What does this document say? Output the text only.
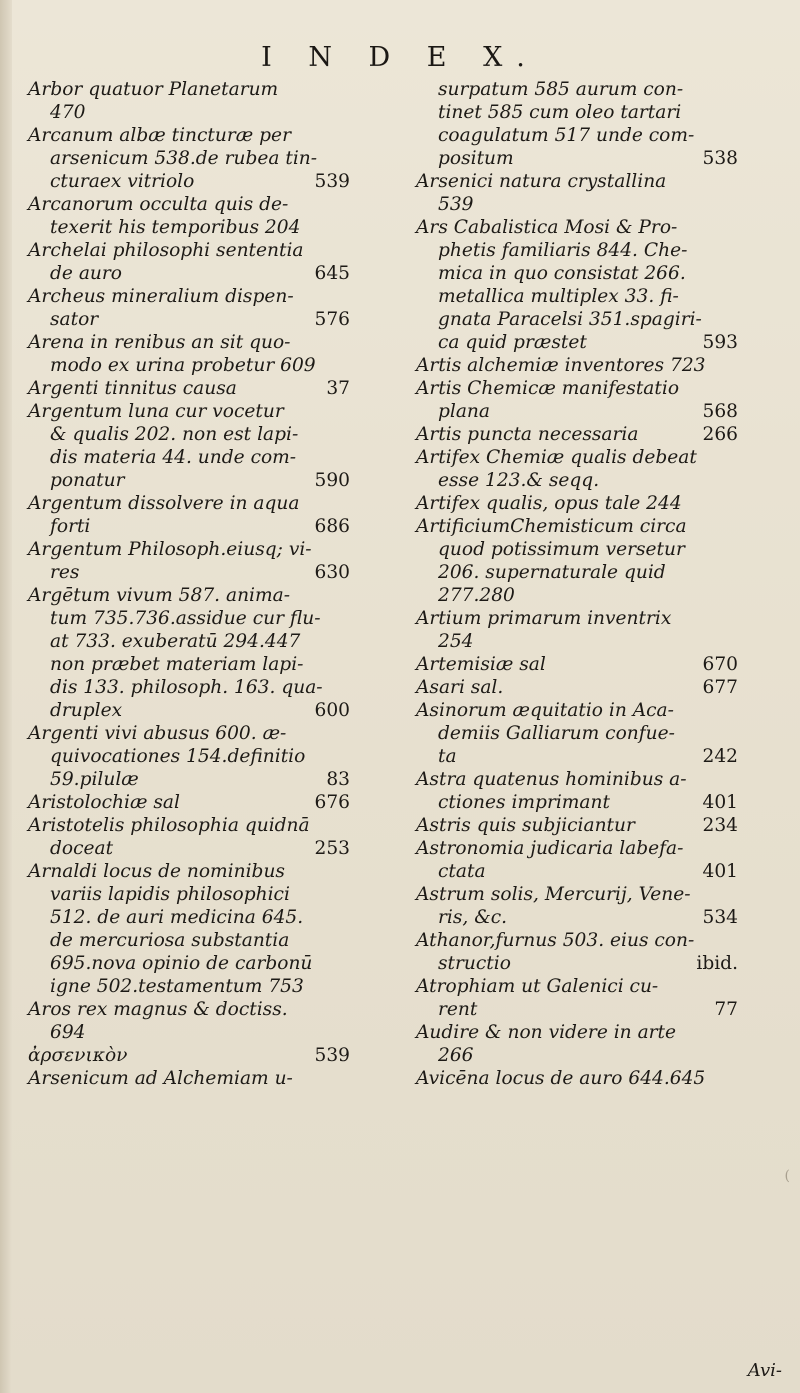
I N D E X.
Arbor quatuor Planetarum
470
Arcanum albæ tincturæ per
arsenicum 538.de rubea tin-
cturaex vitriolo	539
Arcanorum occulta quis de-
texerit his temporibus 204
Archelai philosophi sententia
de auro	645
Archeus mineralium dispen-
sator	576
Arena in renibus an sit quo-
modo ex urina probetur 609
Argenti tinnitus causa	37
Argentum luna cur vocetur
& qualis 202. non est lapi-
dis materia 44. unde com-
ponatur	590
Argentum dissolvere in aqua
forti	686
Argentum Philosoph.eiusq; vi-
res	630
Argētum vivum 587. anima-
tum 735.736.assidue cur flu-
at 733. exuberatū 294.447
non præbet materiam lapi-
dis 133. philosoph. 163. qua-
druplex	600
Argenti vivi abusus 600. æ-
quivocationes 154.definitio
59.pilulæ	83
Aristolochiæ sal	676
Aristotelis philosophia quidnā
doceat	253
Arnaldi locus de nominibus
variis lapidis philosophici
512. de auri medicina 645.
de mercuriosa substantia
695.nova opinio de carbonū
igne 502.testamentum 753
Aros rex magnus & doctiss.
694
ἀρσενικὸν	539
Arsenicum ad Alchemiam u-
surpatum 585 aurum con-
tinet 585 cum oleo tartari
coagulatum 517 unde com-
positum	538
Arsenici natura crystallina
539
Ars Cabalistica Mosi & Pro-
phetis familiaris 844. Che-
mica in quo consistat 266.
metallica multiplex 33. fi-
gnata Paracelsi 351.spagiri-
ca quid præstet	593
Artis alchemiæ inventores 723
Artis Chemicæ manifestatio
plana	568
Artis puncta necessaria	266
Artifex Chemiæ qualis debeat
esse 123.& seqq.
Artifex qualis, opus tale 244
ArtificiumChemisticum circa
quod potissimum versetur
206. supernaturale quid
277.280
Artium primarum inventrix
254
Artemisiæ sal	670
Asari sal.	677
Asinorum æquitatio in Aca-
demiis Galliarum confue-
ta	242
Astra quatenus hominibus a-
ctiones imprimant	401
Astris quis subjiciantur	234
Astronomia judicaria labefa-
ctata	401
Astrum solis, Mercurij, Vene-
ris, &c.	534
Athanor,furnus 503. eius con-
structio	ibid.
Atrophiam ut Galenici cu-
rent	77
Audire & non videre in arte
266
Avicēna locus de auro 644.645
(
Avi-
